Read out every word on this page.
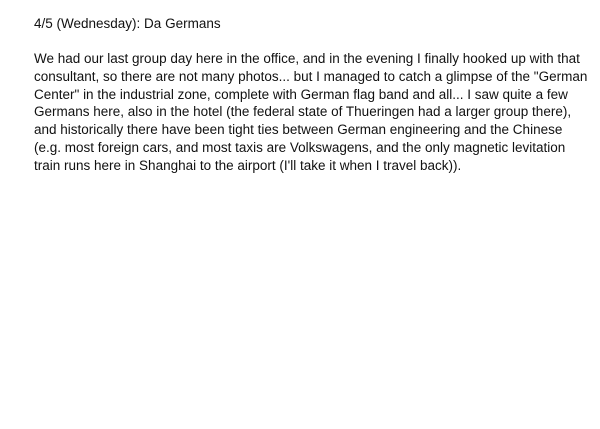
4/5 (Wednesday): Da Germans
We had our last group day here in the office, and in the evening I finally hooked up with that
consultant, so there are not many photos... but I managed to catch a glimpse of the "German
Center" in the industrial zone, complete with German flag band and all... I saw quite a few
Germans here, also in the hotel (the federal state of Thueringen had a larger group there),
and historically there have been tight ties between German engineering and the Chinese
(e.g. most foreign cars, and most taxis are Volkswagens, and the only magnetic levitation
train runs here in Shanghai to the airport (I'll take it when I travel back)).
